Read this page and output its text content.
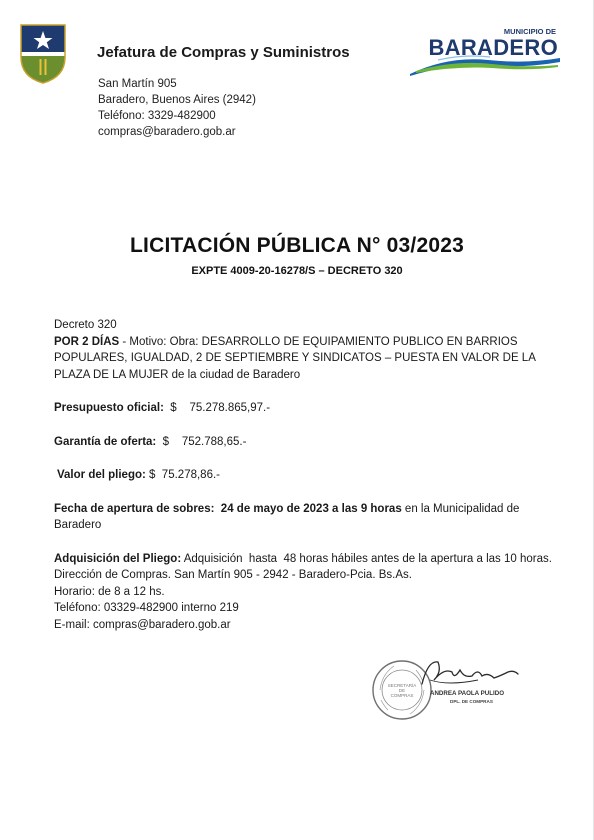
Jefatura de Compras y Suministros
San Martín 905
Baradero, Buenos Aires (2942)
Teléfono: 3329-482900
compras@baradero.gob.ar
MUNICIPIO DE
BARADERO
LICITACIÓN PÚBLICA N° 03/2023
EXPTE 4009-20-16278/S – DECRETO 320

Decreto 320

POR 2 DÍAS - Motivo: Obra: DESARROLLO DE EQUIPAMIENTO PUBLICO EN BARRIOS POPULARES, IGUALDAD, 2 DE SEPTIEMBRE Y SINDICATOS – PUESTA EN VALOR DE LA PLAZA DE LA MUJER de la ciudad de Baradero

Presupuesto oficial:  $    75.278.865,97.-

Garantía de oferta:  $    752.788,65.-

Valor del pliego: $  75.278,86.-

Fecha de apertura de sobres:  24 de mayo de 2023 a las 9 horas en la Municipalidad de Baradero

Adquisición del Pliego: Adquisición  hasta  48 horas hábiles antes de la apertura a las 10 horas.

Dirección de Compras. San Martín 905 - 2942 - Baradero-Pcia. Bs.As.

Horario: de 8 a 12 hs.

Teléfono: 03329-482900 interno 219

E-mail: compras@baradero.gob.ar

SECRETARÍA
DE
COMPRAS	ANDREA PAOLA PULIDO
DPL. DE COMPRAS
